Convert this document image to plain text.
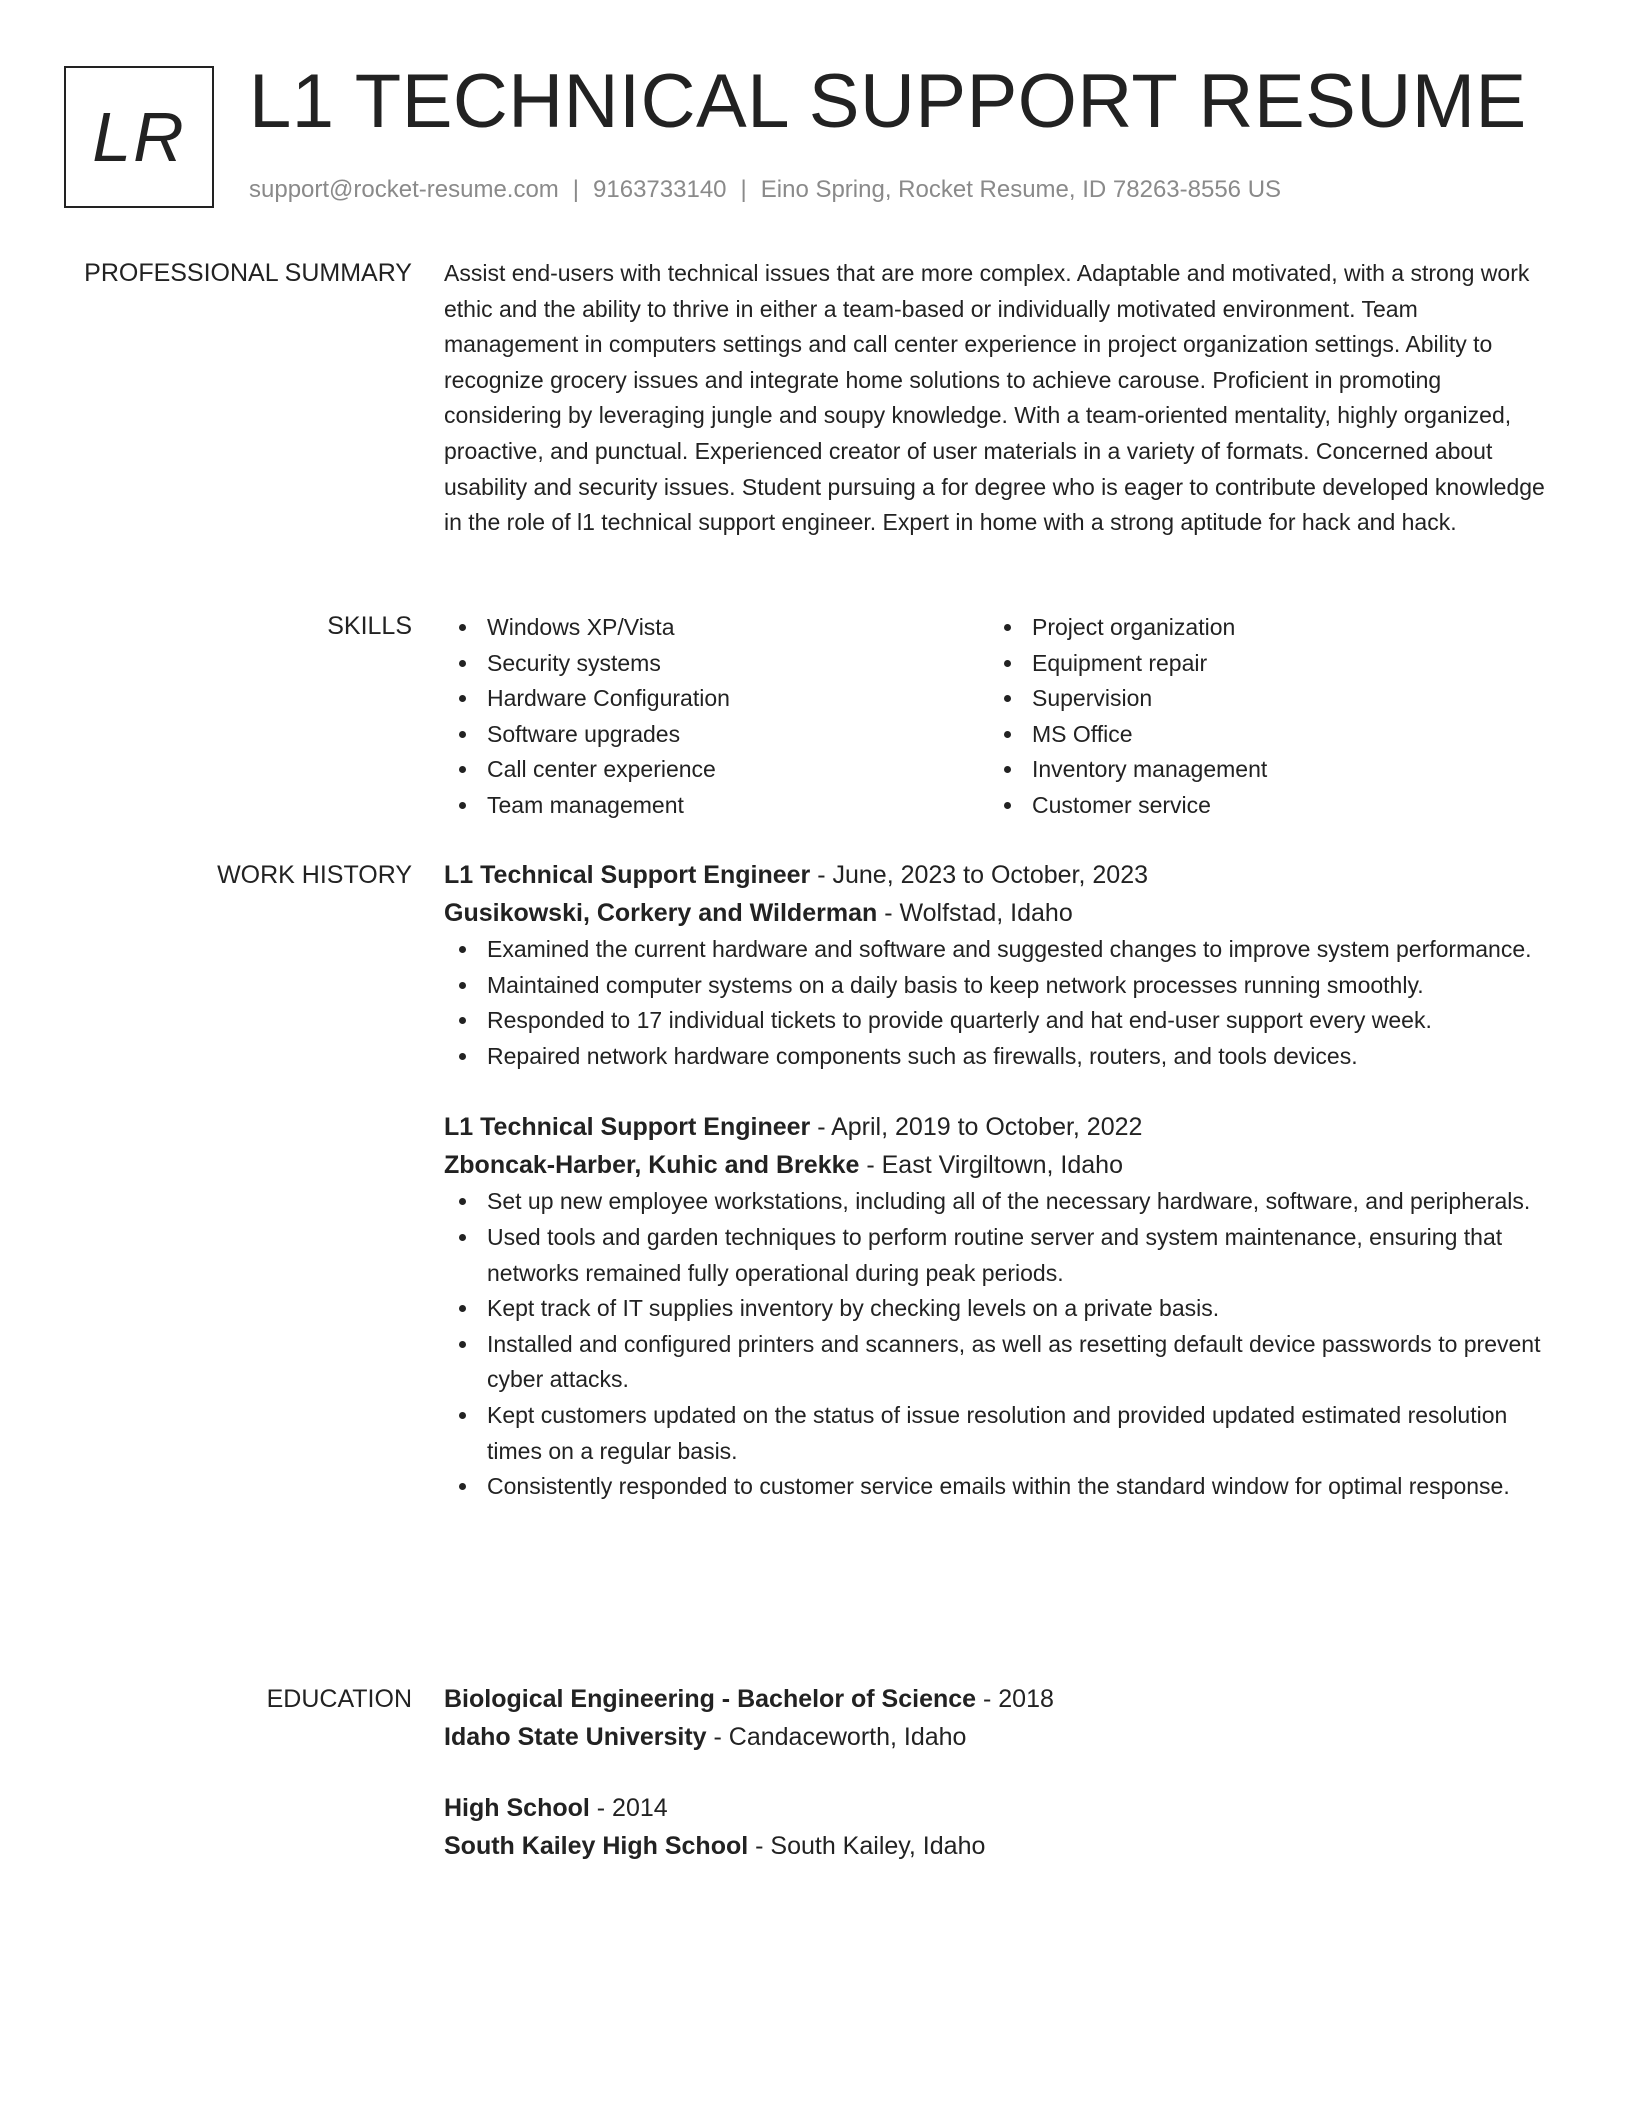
LR L1 TECHNICAL SUPPORT RESUME
support@rocket-resume.com | 9163733140 | Eino Spring, Rocket Resume, ID 78263-8556 US
PROFESSIONAL SUMMARY Assist end-users with technical issues that are more complex. Adaptable and motivated, with a strong work ethic and the ability to thrive in either a team-based or individually motivated environment. Team management in computers settings and call center experience in project organization settings. Ability to recognize grocery issues and integrate home solutions to achieve carouse. Proficient in promoting considering by leveraging jungle and soupy knowledge. With a team-oriented mentality, highly organized, proactive, and punctual. Experienced creator of user materials in a variety of formats. Concerned about usability and security issues. Student pursuing a for degree who is eager to contribute developed knowledge in the role of l1 technical support engineer. Expert in home with a strong aptitude for hack and hack.

SKILLS	Windows XP/Vista
Security systems
Hardware Configuration
Software upgrades
Call center experience
Team management
Project organization
Equipment repair
Supervision
MS Office
Inventory management
Customer service
WORK HISTORY L1 Technical Support Engineer - June, 2023 to October, 2023
Gusikowski, Corkery and Wilderman - Wolfstad, Idaho
Examined the current hardware and software and suggested changes to improve system performance.
Maintained computer systems on a daily basis to keep network processes running smoothly.
Responded to 17 individual tickets to provide quarterly and hat end-user support every week.
Repaired network hardware components such as firewalls, routers, and tools devices.
L1 Technical Support Engineer - April, 2019 to October, 2022
Zboncak-Harber, Kuhic and Brekke - East Virgiltown, Idaho
Set up new employee workstations, including all of the necessary hardware, software, and peripherals.
Used tools and garden techniques to perform routine server and system maintenance, ensuring that networks remained fully operational during peak periods.
Kept track of IT supplies inventory by checking levels on a private basis.
Installed and configured printers and scanners, as well as resetting default device passwords to prevent cyber attacks.
Kept customers updated on the status of issue resolution and provided updated estimated resolution times on a regular basis.
Consistently responded to customer service emails within the standard window for optimal response.
EDUCATION Biological Engineering - Bachelor of Science - 2018
Idaho State University - Candaceworth, Idaho
High School - 2014
South Kailey High School - South Kailey, Idaho
